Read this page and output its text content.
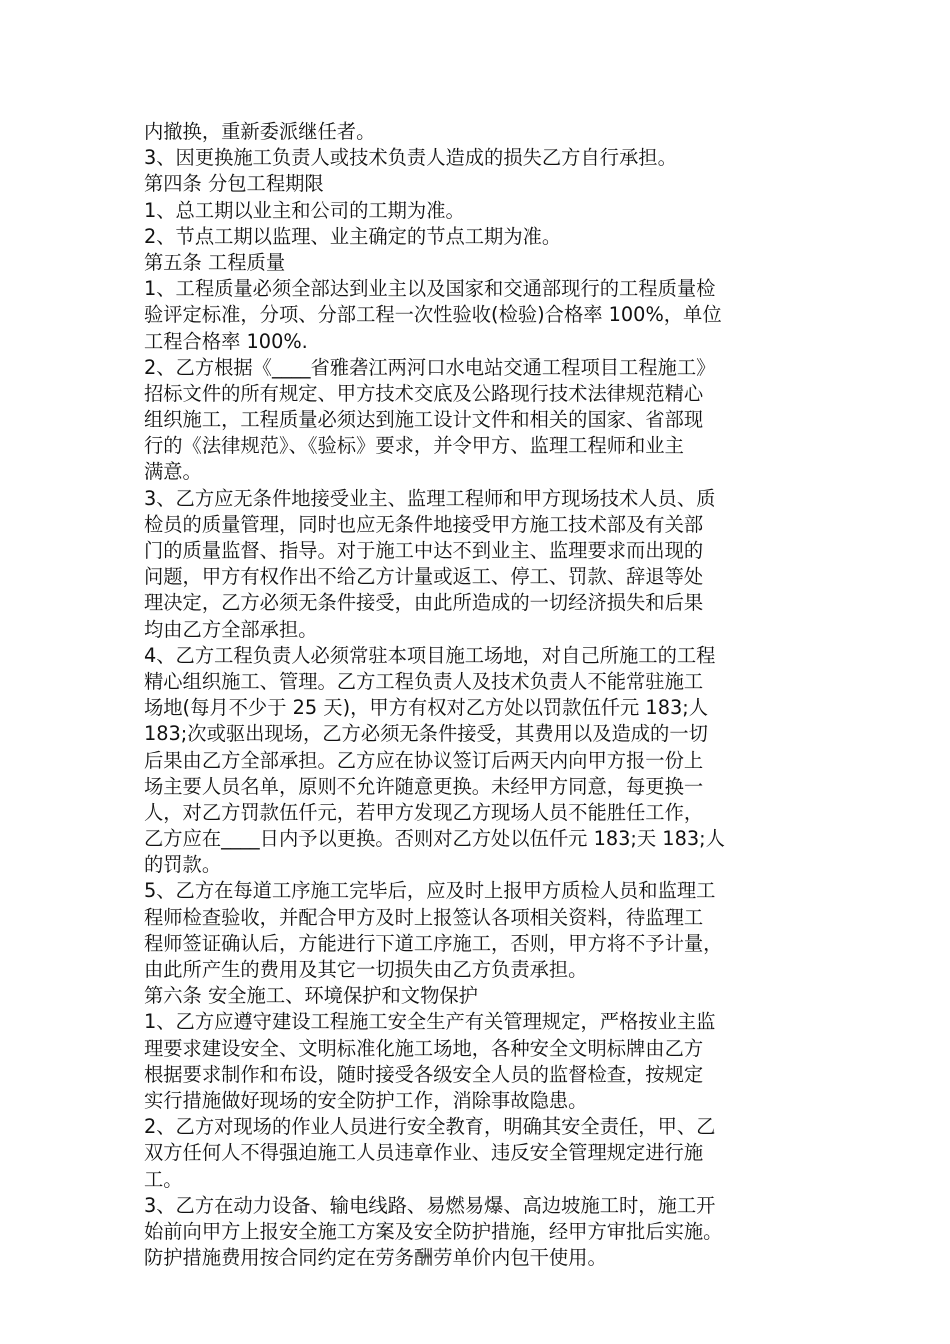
内撤换，重新委派继任者。
3、因更换施工负责人或技术负责人造成的损失乙方自行承担。
第四条 分包工程期限
1、总工期以业主和公司的工期为准。
2、节点工期以监理、业主确定的节点工期为准。
第五条 工程质量
1、工程质量必须全部达到业主以及国家和交通部现行的工程质量检
验评定标准，分项、分部工程一次性验收(检验)合格率 100%，单位
工程合格率 100%.
2、乙方根据《____省雅砻江两河口水电站交通工程项目工程施工》
招标文件的所有规定、甲方技术交底及公路现行技术法律规范精心
组织施工，工程质量必须达到施工设计文件和相关的国家、省部现
行的《法律规范》、《验标》要求，并令甲方、监理工程师和业主
满意。
3、乙方应无条件地接受业主、监理工程师和甲方现场技术人员、质
检员的质量管理，同时也应无条件地接受甲方施工技术部及有关部
门的质量监督、指导。对于施工中达不到业主、监理要求而出现的
问题，甲方有权作出不给乙方计量或返工、停工、罚款、辞退等处
理决定，乙方必须无条件接受，由此所造成的一切经济损失和后果
均由乙方全部承担。
4、乙方工程负责人必须常驻本项目施工场地，对自己所施工的工程
精心组织施工、管理。乙方工程负责人及技术负责人不能常驻施工
场地(每月不少于 25 天)，甲方有权对乙方处以罚款伍仟元 183;人
183;次或驱出现场，乙方必须无条件接受，其费用以及造成的一切
后果由乙方全部承担。乙方应在协议签订后两天内向甲方报一份上
场主要人员名单，原则不允许随意更换。未经甲方同意，每更换一
人，对乙方罚款伍仟元，若甲方发现乙方现场人员不能胜任工作，
乙方应在____日内予以更换。否则对乙方处以伍仟元 183;天 183;人
的罚款。
5、乙方在每道工序施工完毕后，应及时上报甲方质检人员和监理工
程师检查验收，并配合甲方及时上报签认各项相关资料，待监理工
程师签证确认后，方能进行下道工序施工，否则，甲方将不予计量，
由此所产生的费用及其它一切损失由乙方负责承担。
第六条 安全施工、环境保护和文物保护
1、乙方应遵守建设工程施工安全生产有关管理规定，严格按业主监
理要求建设安全、文明标准化施工场地，各种安全文明标牌由乙方
根据要求制作和布设，随时接受各级安全人员的监督检查，按规定
实行措施做好现场的安全防护工作，消除事故隐患。
2、乙方对现场的作业人员进行安全教育，明确其安全责任，甲、乙
双方任何人不得强迫施工人员违章作业、违反安全管理规定进行施
工。
3、乙方在动力设备、输电线路、易燃易爆、高边坡施工时，施工开
始前向甲方上报安全施工方案及安全防护措施，经甲方审批后实施。
防护措施费用按合同约定在劳务酬劳单价内包干使用。
